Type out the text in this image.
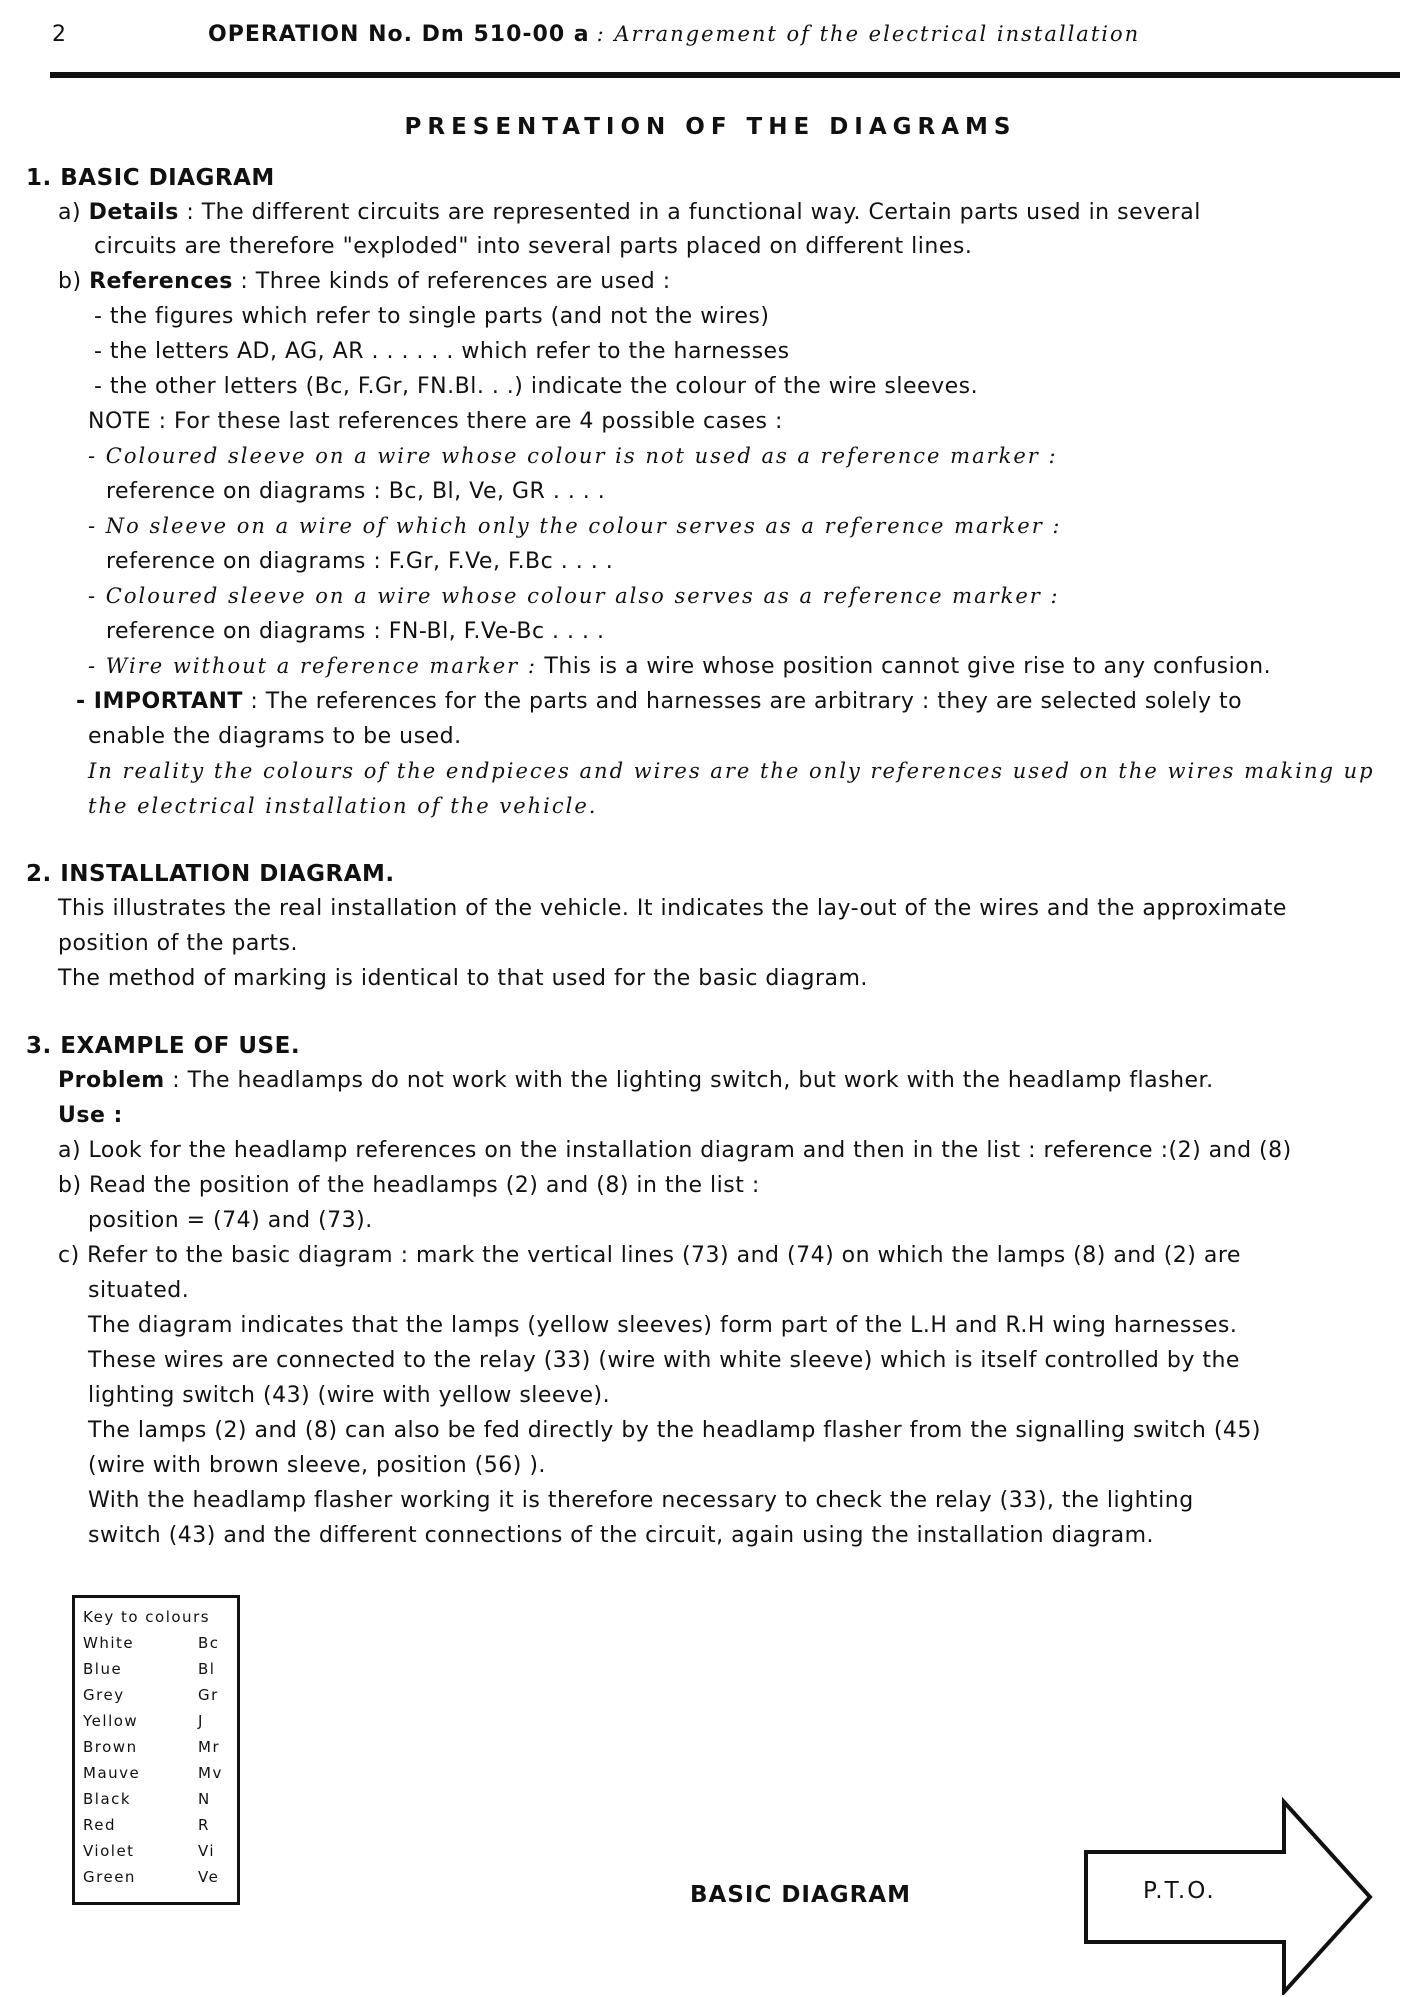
2	OPERATION No. Dm 510-00 a : Arrangement of the electrical installation
PRESENTATION OF THE DIAGRAMS
1. BASIC DIAGRAM
a) Details : The different circuits are represented in a functional way. Certain parts used in several
circuits are therefore "exploded" into several parts placed on different lines.
b) References : Three kinds of references are used :
- the figures which refer to single parts (and not the wires)
- the letters AD, AG, AR . . . . . . which refer to the harnesses
- the other letters (Bc, F.Gr, FN.Bl. . .) indicate the colour of the wire sleeves.
NOTE : For these last references there are 4 possible cases :
- Coloured sleeve on a wire whose colour is not used as a reference marker :
reference on diagrams : Bc, Bl, Ve, GR . . . .
- No sleeve on a wire of which only the colour serves as a reference marker :
reference on diagrams : F.Gr, F.Ve, F.Bc . . . .
- Coloured sleeve on a wire whose colour also serves as a reference marker :
reference on diagrams : FN-Bl, F.Ve-Bc . . . .
- Wire without a reference marker : This is a wire whose position cannot give rise to any confusion.
- IMPORTANT : The references for the parts and harnesses are arbitrary : they are selected solely to
enable the diagrams to be used.
In reality the colours of the endpieces and wires are the only references used on the wires making up
the electrical installation of the vehicle.
2. INSTALLATION DIAGRAM.
This illustrates the real installation of the vehicle. It indicates the lay-out of the wires and the approximate
position of the parts.
The method of marking is identical to that used for the basic diagram.
3. EXAMPLE OF USE.
Problem : The headlamps do not work with the lighting switch, but work with the headlamp flasher.
Use :
a) Look for the headlamp references on the installation diagram and then in the list : reference :(2) and (8)
b) Read the position of the headlamps (2) and (8) in the list :
position = (74) and (73).
c) Refer to the basic diagram : mark the vertical lines (73) and (74) on which the lamps (8) and (2) are
situated.
The diagram indicates that the lamps (yellow sleeves) form part of the L.H and R.H wing harnesses.
These wires are connected to the relay (33) (wire with white sleeve) which is itself controlled by the
lighting switch (43) (wire with yellow sleeve).
The lamps (2) and (8) can also be fed directly by the headlamp flasher from the signalling switch (45)
(wire with brown sleeve, position (56) ).
With the headlamp flasher working it is therefore necessary to check the relay (33), the lighting
switch (43) and the different connections of the circuit, again using the installation diagram.
Key to colours
White	Bc
Blue	Bl
Grey	Gr
Yellow	J
Brown	Mr
Mauve	Mv
Black	N
Red	R
Violet	Vi
Green	Ve
BASIC DIAGRAM	P.T.O.
